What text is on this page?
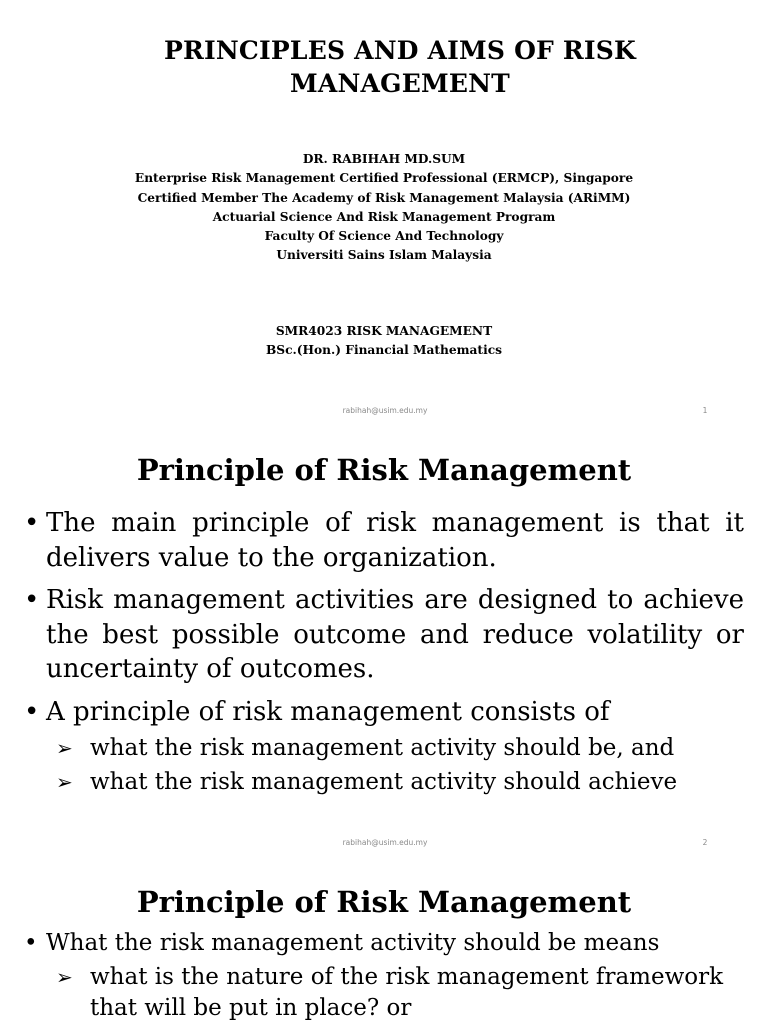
PRINCIPLES AND AIMS OF RISK
MANAGEMENT
DR. RABIHAH MD.SUM
Enterprise Risk Management Certified Professional (ERMCP), Singapore
Certified Member The Academy of Risk Management Malaysia (ARiMM)
Actuarial Science And Risk Management Program
Faculty Of Science And Technology
Universiti Sains Islam Malaysia
SMR4023 RISK MANAGEMENT
BSc.(Hon.) Financial Mathematics
rabihah@usim.edu.my	1
Principle of Risk Management
• The main principle of risk management is that it delivers value to the organization.
• Risk management activities are designed to achieve the best possible outcome and reduce volatility or uncertainty of outcomes.
• A principle of risk management consists of
➢ what the risk management activity should be, and
➢ what the risk management activity should achieve
rabihah@usim.edu.my	2
Principle of Risk Management
• What the risk management activity should be means
➢ what is the nature of the risk management framework that will be put in place? or
